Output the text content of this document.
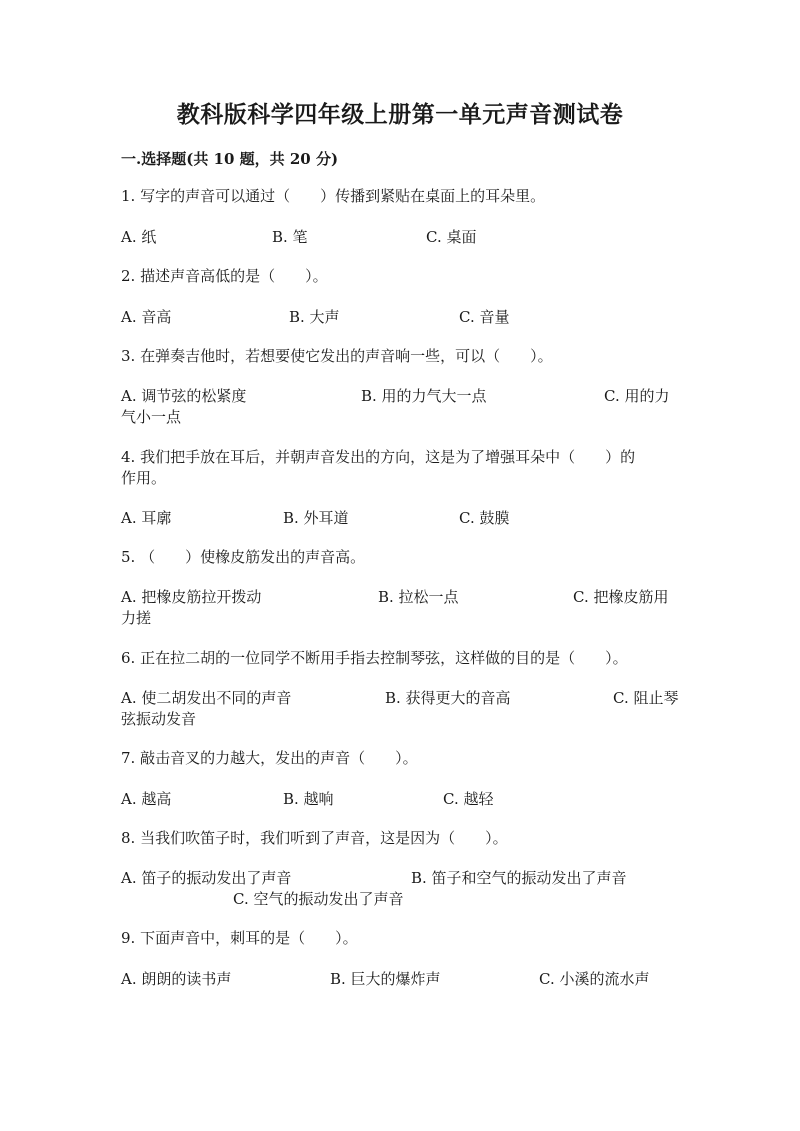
教科版科学四年级上册第一单元声音测试卷
一.选择题(共 10 题，共 20 分)
1. 写字的声音可以通过（　　）传播到紧贴在桌面上的耳朵里。
A. 纸	B. 笔	C. 桌面
2. 描述声音高低的是（　　）。
A. 音高	B. 大声	C. 音量
3. 在弹奏吉他时，若想要使它发出的声音响一些，可以（　　）。
A. 调节弦的松紧度	B. 用的力气大一点	C. 用的力
气小一点
4. 我们把手放在耳后，并朝声音发出的方向，这是为了增强耳朵中（　　）的
作用。
A. 耳廓	B. 外耳道	C. 鼓膜
5. （　　）使橡皮筋发出的声音高。
A. 把橡皮筋拉开拨动	B. 拉松一点	C. 把橡皮筋用
力搓
6. 正在拉二胡的一位同学不断用手指去控制琴弦，这样做的目的是（　　）。
A. 使二胡发出不同的声音	B. 获得更大的音高	C. 阻止琴
弦振动发音
7. 敲击音叉的力越大，发出的声音（　　）。
A. 越高	B. 越响	C. 越轻
8. 当我们吹笛子时，我们听到了声音，这是因为（　　）。
A. 笛子的振动发出了声音	B. 笛子和空气的振动发出了声音
C. 空气的振动发出了声音
9. 下面声音中，刺耳的是（　　）。
A. 朗朗的读书声	B. 巨大的爆炸声	C. 小溪的流水声
